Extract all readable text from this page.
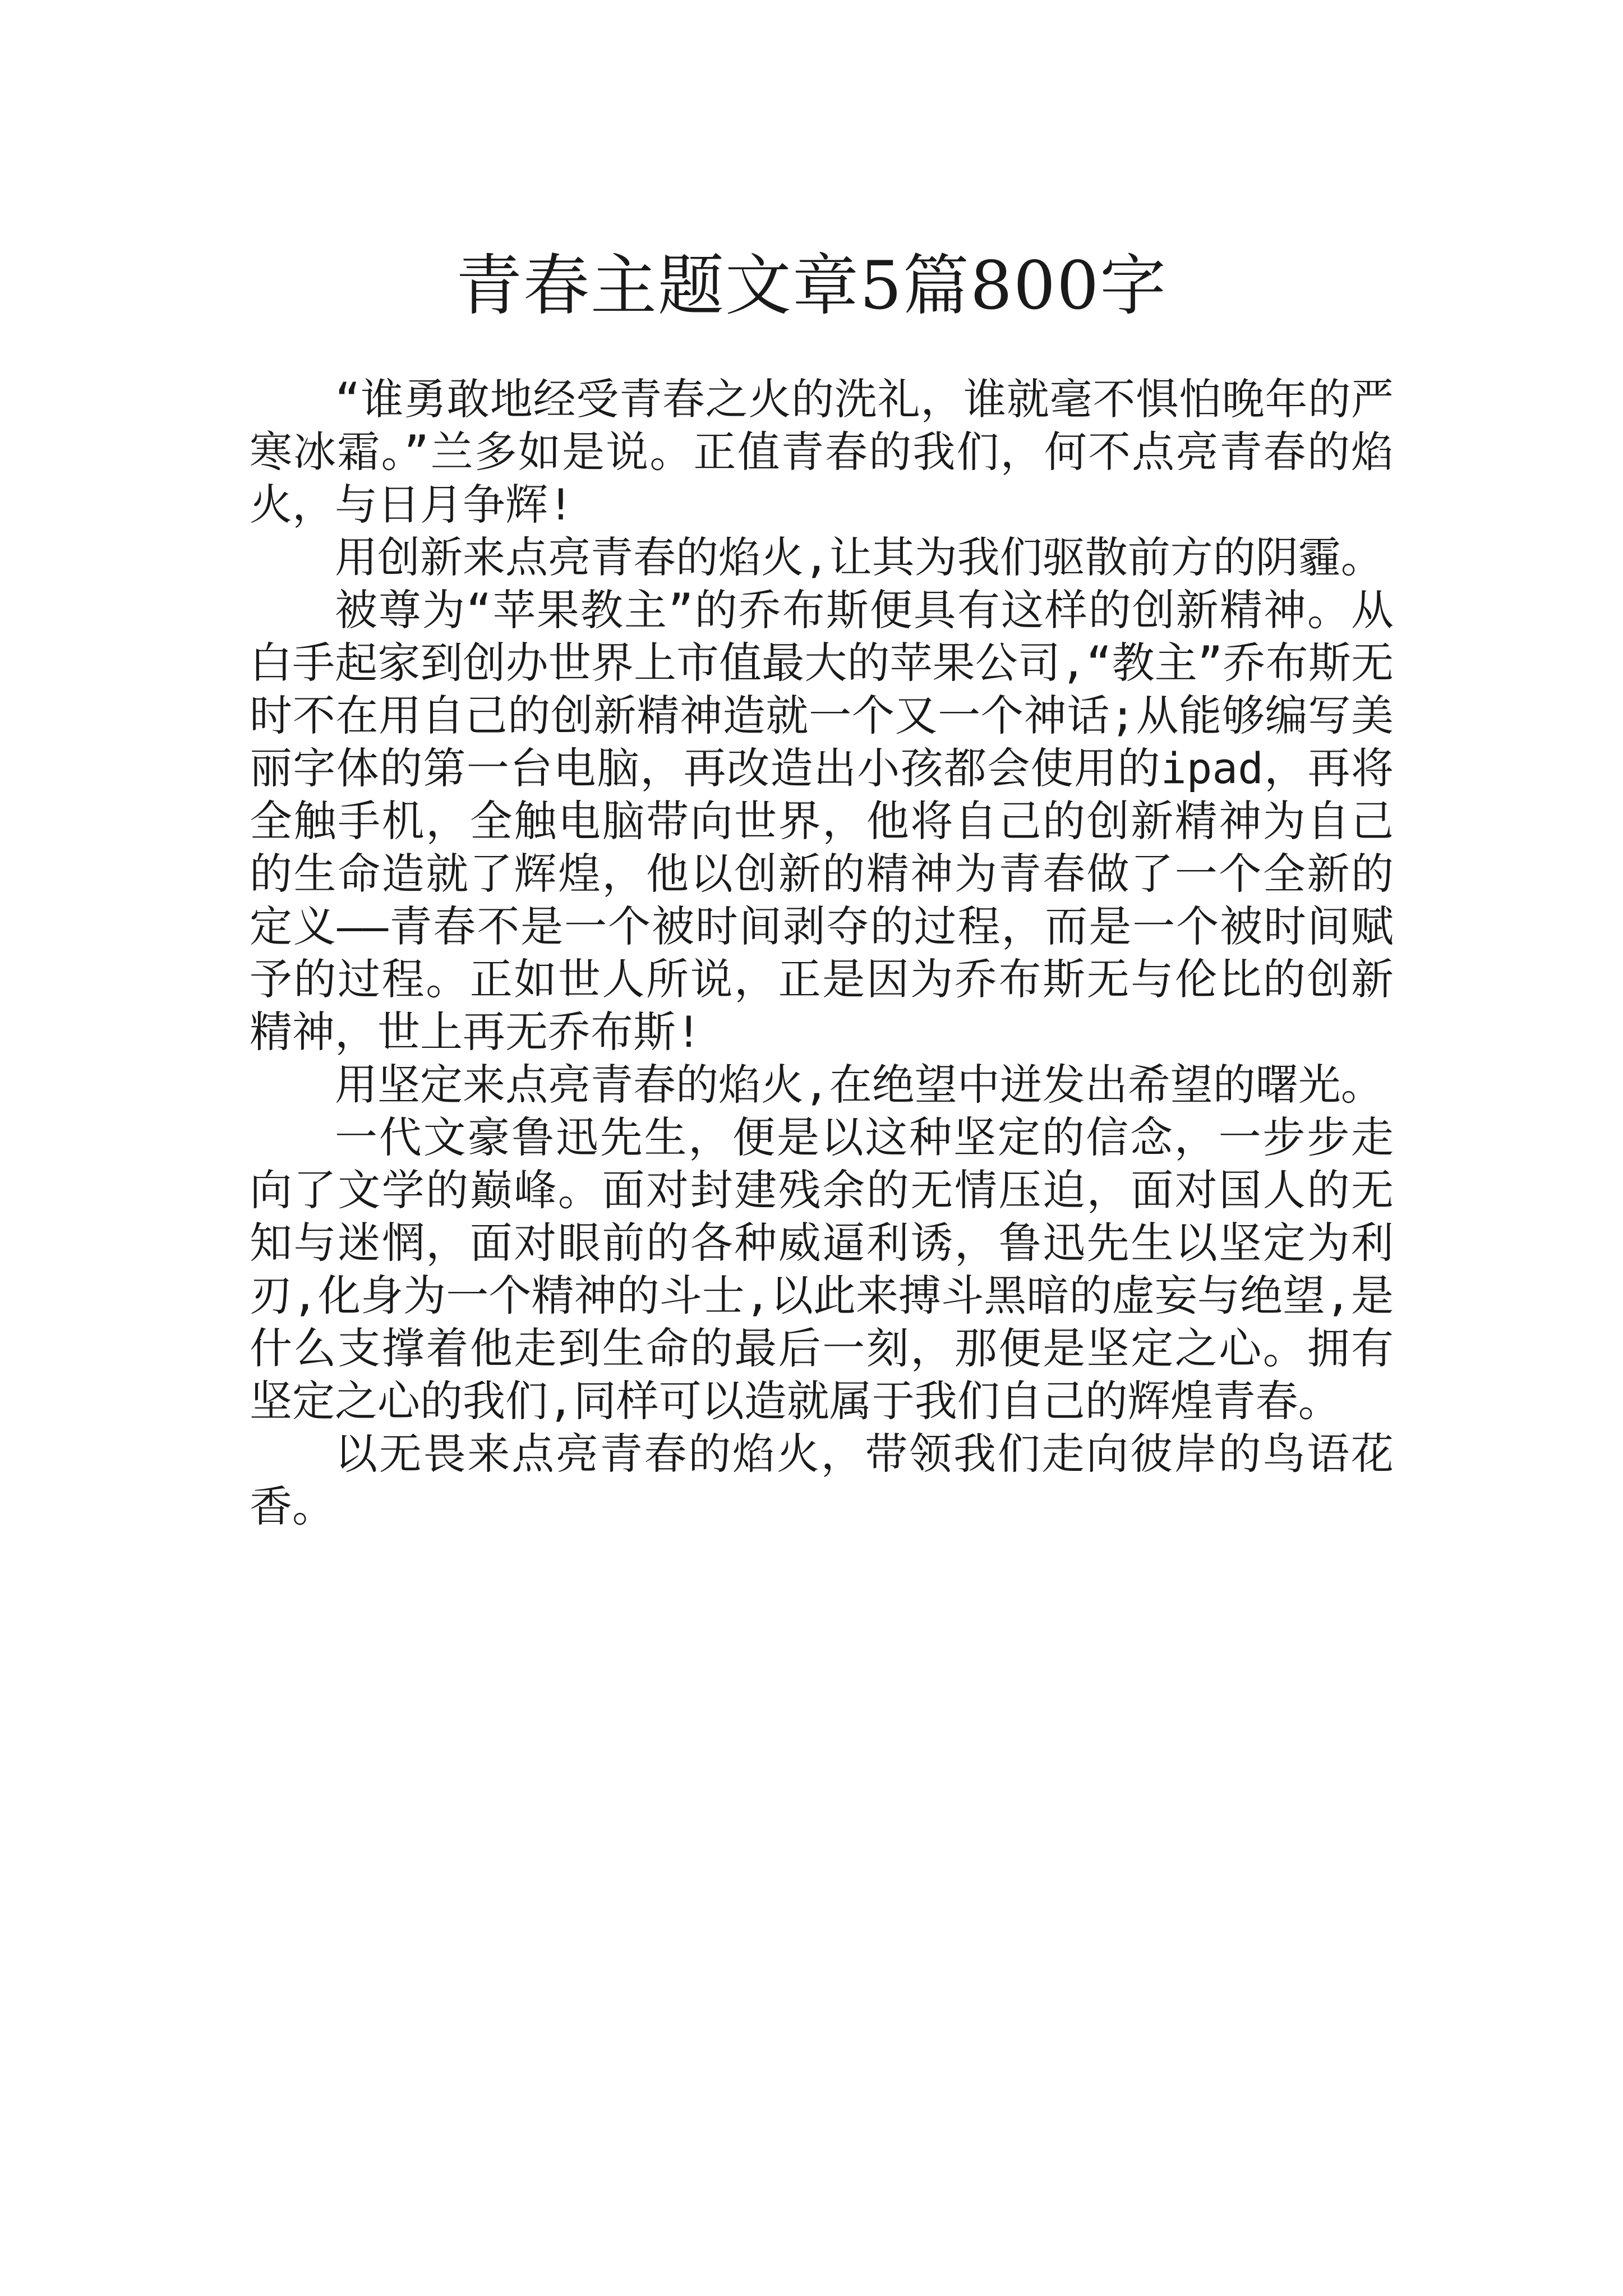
青春主题文章5篇800字

“谁勇敢地经受青春之火的洗礼，谁就毫不惧怕晚年的严寒冰霜。”兰多如是说。正值青春的我们，何不点亮青春的焰火，与日月争辉!

用创新来点亮青春的焰火,让其为我们驱散前方的阴霾。

被尊为“苹果教主”的乔布斯便具有这样的创新精神。从白手起家到创办世界上市值最大的苹果公司,“教主”乔布斯无时不在用自己的创新精神造就一个又一个神话;从能够编写美丽字体的第一台电脑，再改造出小孩都会使用的ipad，再将全触手机，全触电脑带向世界，他将自己的创新精神为自己的生命造就了辉煌，他以创新的精神为青春做了一个全新的定义——青春不是一个被时间剥夺的过程，而是一个被时间赋予的过程。正如世人所说，正是因为乔布斯无与伦比的创新精神，世上再无乔布斯!

用坚定来点亮青春的焰火,在绝望中迸发出希望的曙光。

一代文豪鲁迅先生，便是以这种坚定的信念，一步步走向了文学的巅峰。面对封建残余的无情压迫，面对国人的无知与迷惘，面对眼前的各种威逼利诱，鲁迅先生以坚定为利刃,化身为一个精神的斗士,以此来搏斗黑暗的虚妄与绝望,是什么支撑着他走到生命的最后一刻，那便是坚定之心。拥有坚定之心的我们,同样可以造就属于我们自己的辉煌青春。

以无畏来点亮青春的焰火，带领我们走向彼岸的鸟语花香。
